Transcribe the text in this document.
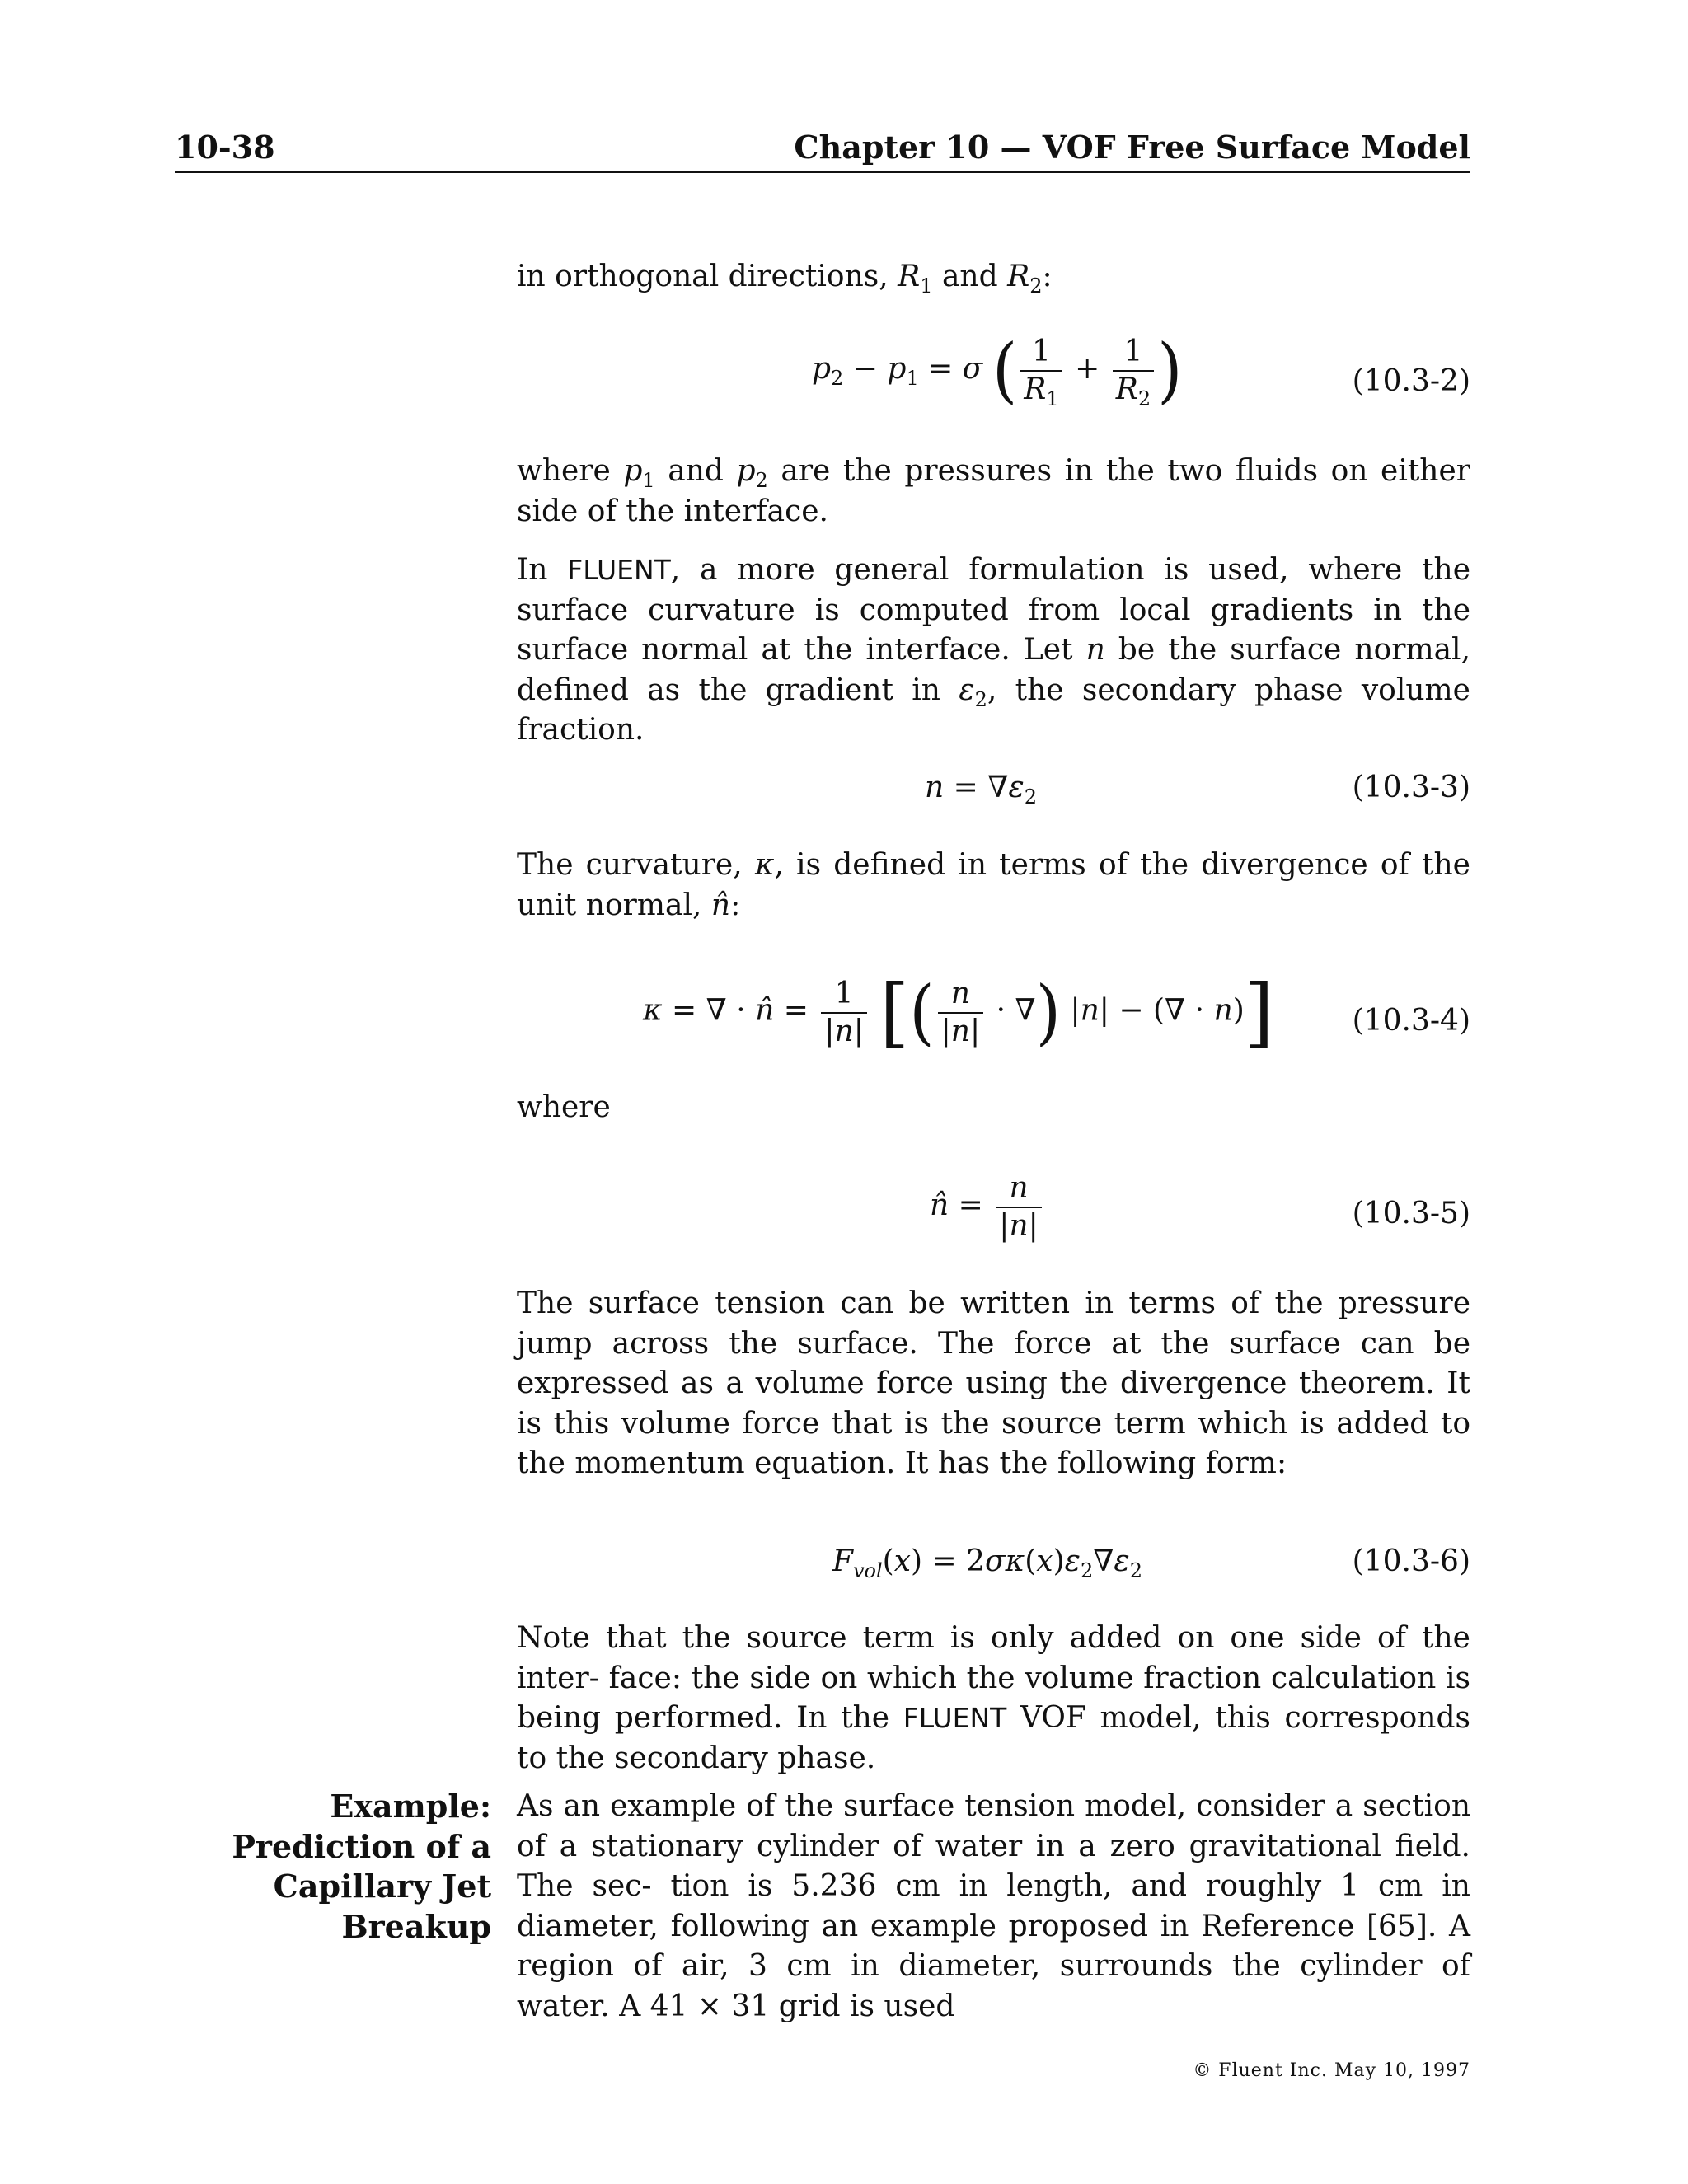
10-38	Chapter 10 — VOF Free Surface Model
in orthogonal directions, $R_1$ and $R_2$:
$p_2 - p_1 = \sigma$ ( $\frac{1}{R_1} + \frac{1}{R_2}$ )	(10.3-2)
where $p_1$ and $p_2$ are the pressures in the two fluids on either side of the interface.
In FLUENT, a more general formulation is used, where the surface curvature is computed from local gradients in the surface normal at the interface. Let n be the surface normal, defined as the gradient in $\varepsilon_2$, the secondary phase volume fraction.
$n = \nabla\varepsilon_2$	(10.3-3)
The curvature, κ, is defined in terms of the divergence of the unit normal, n̂:
κ = ∇ · n̂ = $\frac{1}{|n|}$ [( $\frac{n}{|n|}$ · ∇) |n| − (∇ · n)]	(10.3-4)
where
n̂ = $\frac{n}{|n|}$	(10.3-5)
The surface tension can be written in terms of the pressure jump across the surface. The force at the surface can be expressed as a volume force using the divergence theorem. It is this volume force that is the source term which is added to the momentum equation. It has the following form:
$F_{vol}(x) = 2\sigma\kappa(x)\varepsilon_2\nabla\varepsilon_2$	(10.3-6)
Note that the source term is only added on one side of the inter- face: the side on which the volume fraction calculation is being performed. In the FLUENT VOF model, this corresponds to the secondary phase.
Example:
Prediction of a
Capillary Jet
Breakup
As an example of the surface tension model, consider a section of a stationary cylinder of water in a zero gravitational field. The sec- tion is 5.236 cm in length, and roughly 1 cm in diameter, following an example proposed in Reference [65]. A region of air, 3 cm in diameter, surrounds the cylinder of water. A 41 × 31 grid is used
© Fluent Inc. May 10, 1997
